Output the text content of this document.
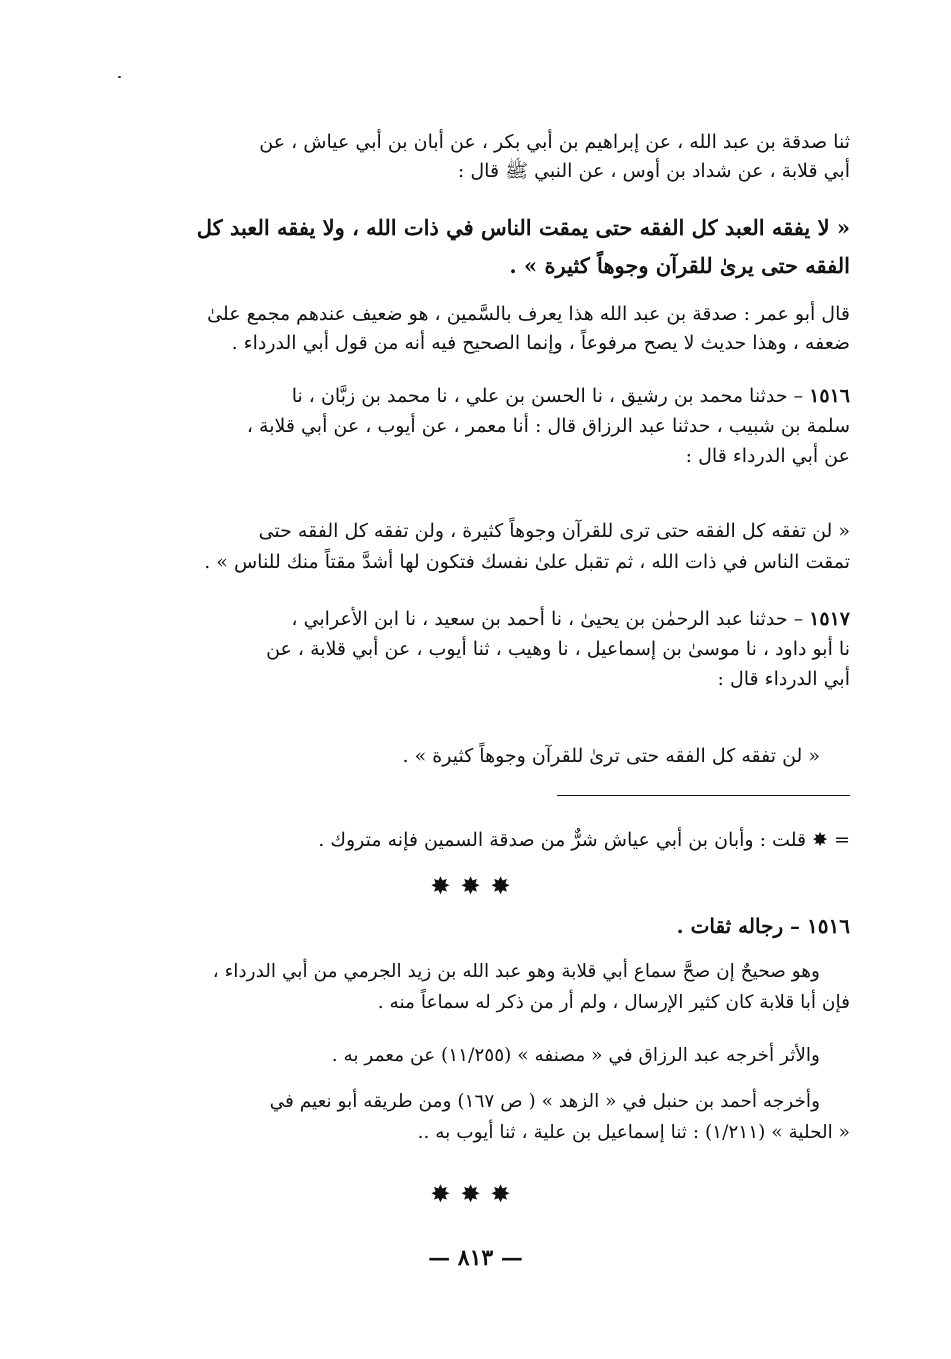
ثنا صدقة بن عبد الله ، عن إبراهيم بن أبي بكر ، عن أبان بن أبي عياش ، عن
أبي قلابة ، عن شداد بن أوس ، عن النبي ﷺ قال :
« لا يفقه العبد كل الفقه حتى يمقت الناس في ذات الله ، ولا يفقه العبد كل
الفقه حتى يرىٰ للقرآن وجوهاً كثيرة » .
قال أبو عمر : صدقة بن عبد الله هذا يعرف بالسَّمين ، هو ضعيف عندهم مجمع علىٰ
ضعفه ، وهذا حديث لا يصح مرفوعاً ، وإنما الصحيح فيه أنه من قول أبي الدرداء .
١٥١٦ – حدثنا محمد بن رشيق ، نا الحسن بن علي ، نا محمد بن زبَّان ، نا
سلمة بن شبيب ، حدثنا عبد الرزاق قال : أنا معمر ، عن أيوب ، عن أبي قلابة ،
عن أبي الدرداء قال :
« لن تفقه كل الفقه حتى ترى للقرآن وجوهاً كثيرة ، ولن تفقه كل الفقه حتى
تمقت الناس في ذات الله ، ثم تقبل علىٰ نفسك فتكون لها أشدَّ مقتاً منك للناس » .
١٥١٧ – حدثنا عبد الرحمٰن بن يحيىٰ ، نا أحمد بن سعيد ، نا ابن الأعرابي ،
نا أبو داود ، نا موسىٰ بن إسماعيل ، نا وهيب ، ثنا أيوب ، عن أبي قلابة ، عن
أبي الدرداء قال :
« لن تفقه كل الفقه حتى ترىٰ للقرآن وجوهاً كثيرة » .
= ✸ قلت : وأبان بن أبي عياش شرٌّ من صدقة السمين فإنه متروك .
✸✸✸
١٥١٦ – رجاله ثقات .
وهو صحيحٌ إن صحَّ سماع أبي قلابة وهو عبد الله بن زيد الجرمي من أبي الدرداء ،
فإن أبا قلابة كان كثير الإرسال ، ولم أر من ذكر له سماعاً منه .
والأثر أخرجه عبد الرزاق في « مصنفه » (١١/٢٥٥) عن معمر به .
وأخرجه أحمد بن حنبل في « الزهد » ( ص ١٦٧) ومن طريقه أبو نعيم في
« الحلية » (١/٢١١) : ثنا إسماعيل بن علية ، ثنا أيوب به ..
✸✸✸
— ٨١٣ —
